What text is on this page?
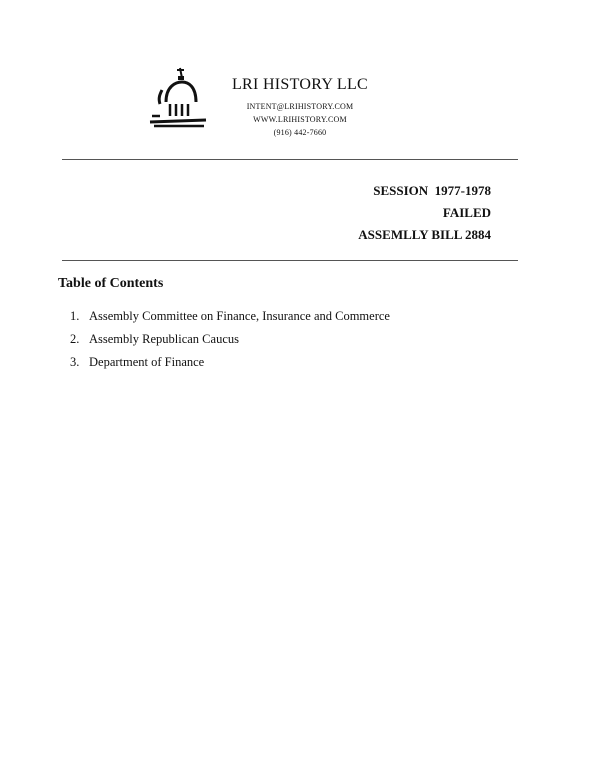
LRI HISTORY LLC
INTENT@LRIHISTORY.COM
WWW.LRIHISTORY.COM
(916) 442-7660
SESSION  1977-1978
FAILED
ASSEMLLY BILL 2884
Table of Contents
1. Assembly Committee on Finance, Insurance and Commerce
2. Assembly Republican Caucus
3. Department of Finance
